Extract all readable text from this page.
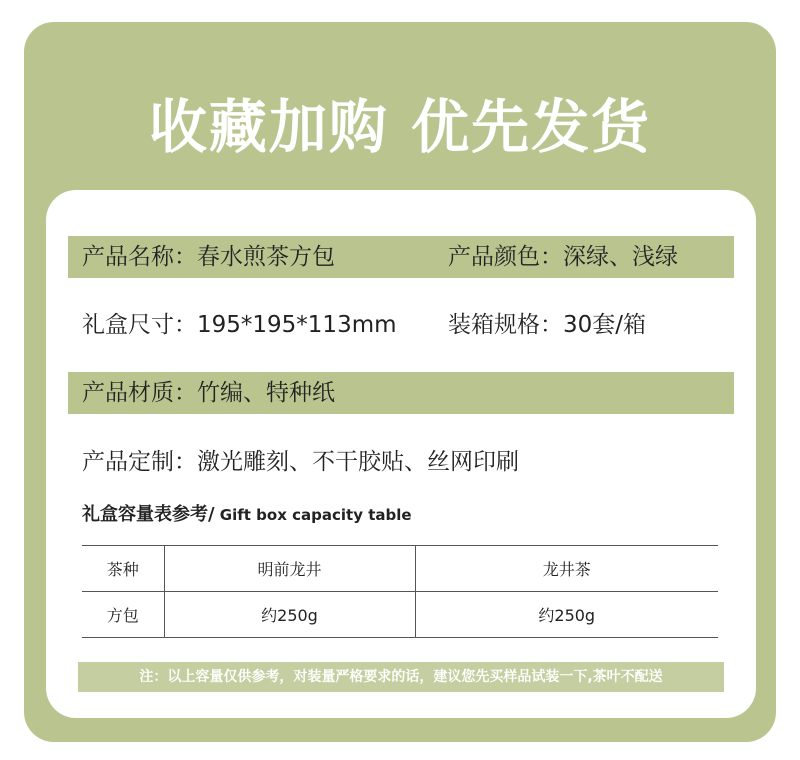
收藏加购 优先发货
产品名称：春水煎茶方包	产品颜色：深绿、浅绿
礼盒尺寸：195*195*113mm 装箱规格：30套/箱
产品材质：竹编、特种纸
产品定制：激光雕刻、不干胶贴、丝网印刷
礼盒容量表参考/ Gift box capacity table
茶种	明前龙井	龙井茶
方包	约250g	约250g
注：以上容量仅供参考，对装量严格要求的话，建议您先买样品试装一下,茶叶不配送
